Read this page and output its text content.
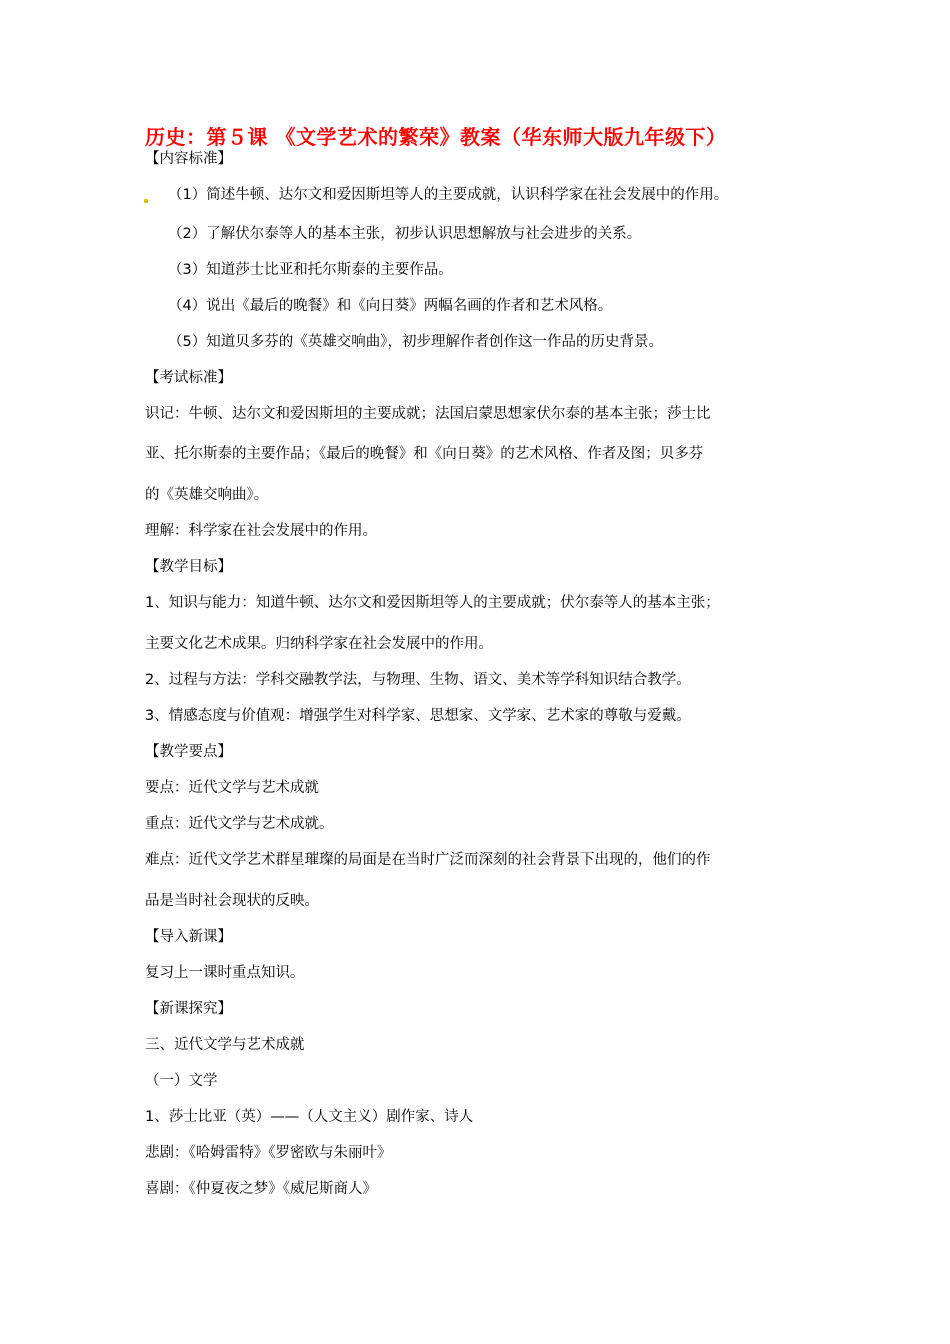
历史：第５课 《文学艺术的繁荣》教案（华东师大版九年级下）
【内容标准】
（1）简述牛顿、达尔文和爱因斯坦等人的主要成就，认识科学家在社会发展中的作用。
（2）了解伏尔泰等人的基本主张，初步认识思想解放与社会进步的关系。
（3）知道莎士比亚和托尔斯泰的主要作品。
（4）说出《最后的晚餐》和《向日葵》两幅名画的作者和艺术风格。
（5）知道贝多芬的《英雄交响曲》，初步理解作者创作这一作品的历史背景。
【考试标准】
识记：牛顿、达尔文和爱因斯坦的主要成就；法国启蒙思想家伏尔泰的基本主张；莎士比
亚、托尔斯泰的主要作品；《最后的晚餐》和《向日葵》的艺术风格、作者及图；贝多芬
的《英雄交响曲》。
理解：科学家在社会发展中的作用。
【教学目标】
1、知识与能力：知道牛顿、达尔文和爱因斯坦等人的主要成就；伏尔泰等人的基本主张；
主要文化艺术成果。归纳科学家在社会发展中的作用。
2、过程与方法：学科交融教学法，与物理、生物、语文、美术等学科知识结合教学。
3、情感态度与价值观：增强学生对科学家、思想家、文学家、艺术家的尊敬与爱戴。
【教学要点】
要点：近代文学与艺术成就
重点：近代文学与艺术成就。
难点：近代文学艺术群星璀璨的局面是在当时广泛而深刻的社会背景下出现的，他们的作
品是当时社会现状的反映。
【导入新课】
复习上一课时重点知识。
【新课探究】
三、近代文学与艺术成就
（一）文学
1、莎士比亚（英）——（人文主义）剧作家、诗人
悲剧：《哈姆雷特》《罗密欧与朱丽叶》
喜剧：《仲夏夜之梦》《威尼斯商人》
